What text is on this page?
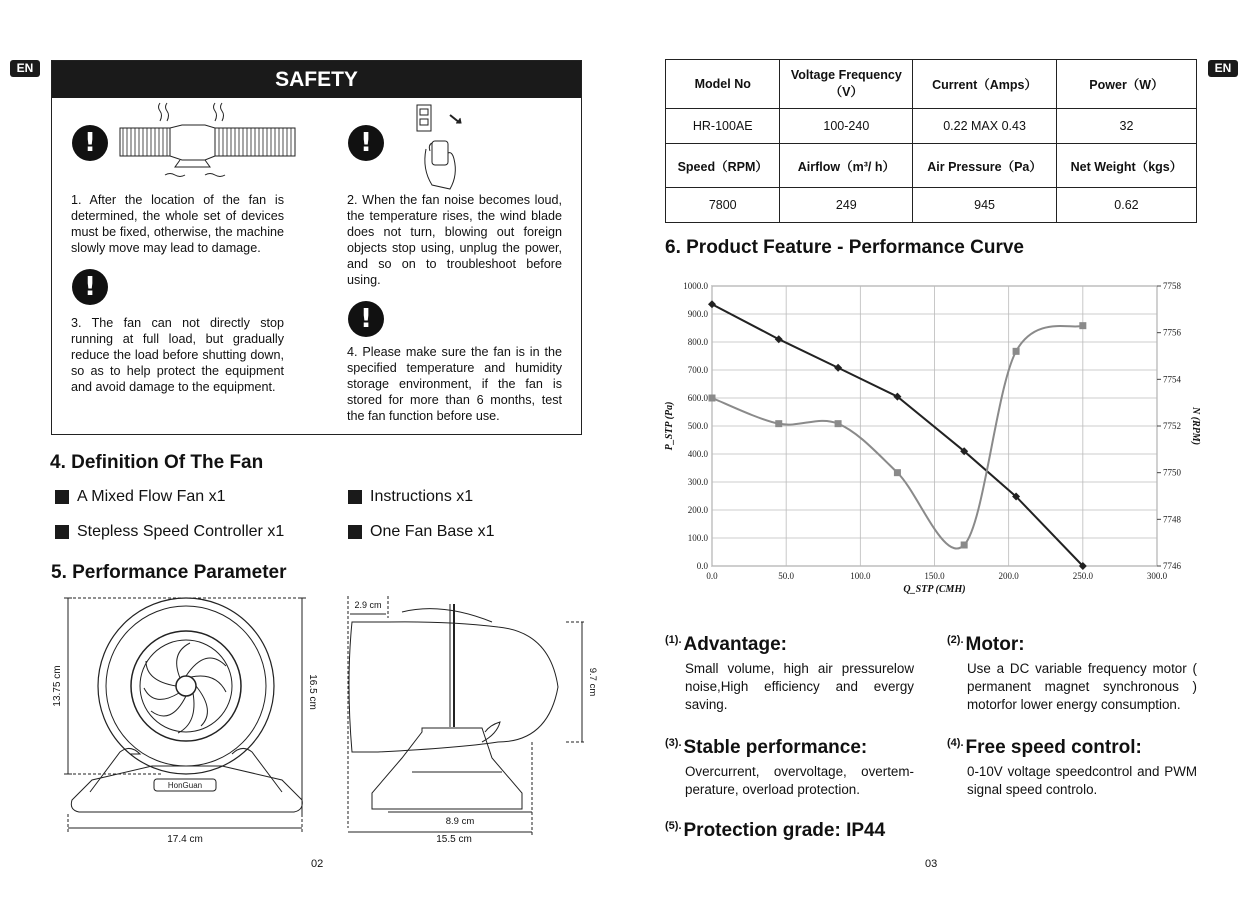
EN	EN
SAFETY
!	!
1. After the location of the fan is determined, the whole set of devices must be fixed, otherwise, the machine slowly move may lead to damage.
2. When the fan noise becomes loud, the temperature rises, the wind blade does not turn, blowing out foreign objects stop using, unplug the power, and so on to troubleshoot before using.
!
!
3. The fan can not directly stop running at full load, but gradually reduce the load before shutting down, so as to help protect the equipment and avoid damage to the equipment.
4. Please make sure the fan is in the specified temperature and humidity storage environment, if the fan is stored for more than 6 months, test the fan function before use.
4. Definition Of The Fan
A Mixed Flow Fan x1	Instructions x1
Stepless Speed Controller x1	One Fan Base x1
5. Performance Parameter
HonGuan
13.75 cm	16.5 cm
17.4 cm
2.9 cm
9.7 cm
8.9 cm
15.5 cm
Model No	Voltage Frequency（V）	Current（Amps）	Power（W）
HR-100AE	100-240	0.22 MAX 0.43	32
Speed（RPM）	Airflow（m³/ h）	Air Pressure（Pa）	Net Weight（kgs）
7800	249	945	0.62
6. Product Feature - Performance Curve
0.0	50.0	100.0	150.0	200.0	250.0	300.0
0.0
100.0
200.0
300.0
400.0
500.0
600.0
700.0
800.0
900.0
1000.0
7746
7748
7750
7752
7754
7756
7758
Q_STP (CMH)
P_STP (Pa)	N (RPM)
$^{(1).}$ Advantage:
Small volume, high air pressurelow noise,High efficiency and evergy saving.
$^{(2).}$ Motor:
Use a DC variable frequency motor ( permanent magnet synchronous ) motorfor lower energy consumption.
$^{(3).}$ Stable performance:
Overcurrent, overvoltage, overtem-perature, overload protection.
$^{(4).}$ Free speed control:
0-10V voltage speedcontrol and PWM signal speed controlo.
$^{(5).}$ Protection grade: IP44
02	03
